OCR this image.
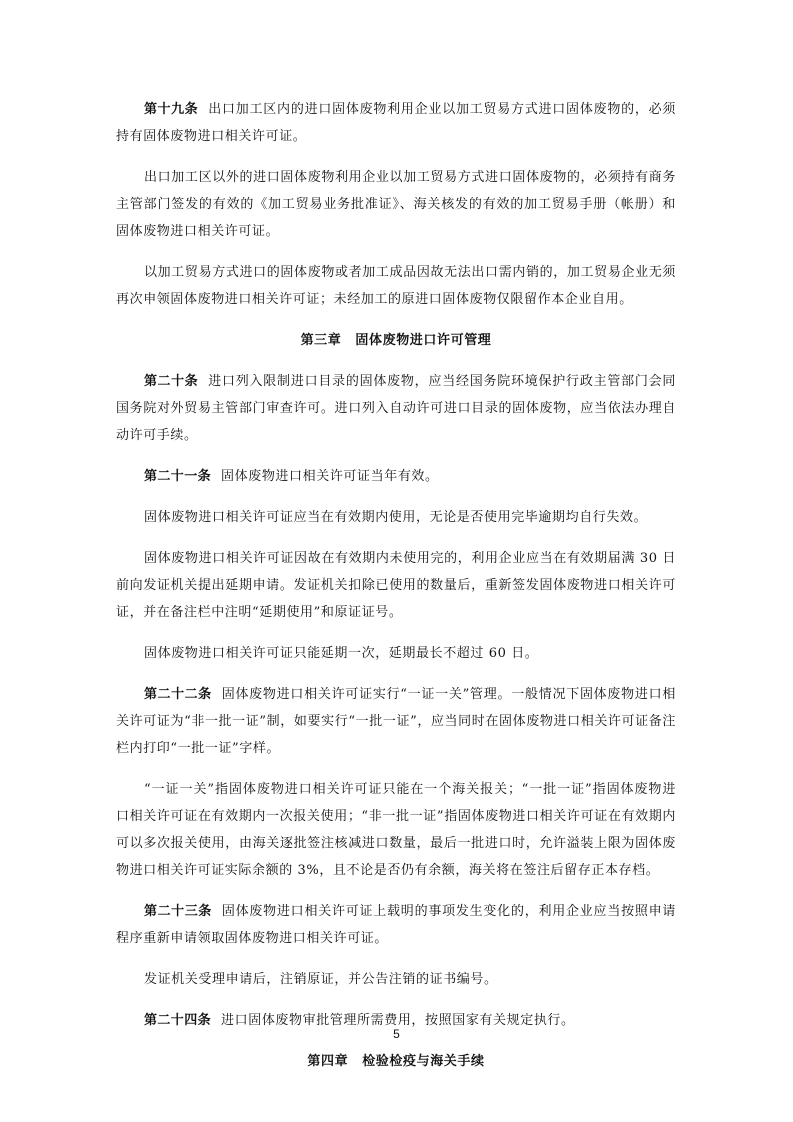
第十九条 出口加工区内的进口固体废物利用企业以加工贸易方式进口固体废物的，必须持有固体废物进口相关许可证。

出口加工区以外的进口固体废物利用企业以加工贸易方式进口固体废物的，必须持有商务主管部门签发的有效的《加工贸易业务批准证》、海关核发的有效的加工贸易手册（帐册）和固体废物进口相关许可证。

以加工贸易方式进口的固体废物或者加工成品因故无法出口需内销的，加工贸易企业无须再次申领固体废物进口相关许可证；未经加工的原进口固体废物仅限留作本企业自用。

第三章 固体废物进口许可管理

第二十条 进口列入限制进口目录的固体废物，应当经国务院环境保护行政主管部门会同国务院对外贸易主管部门审查许可。进口列入自动许可进口目录的固体废物，应当依法办理自动许可手续。

第二十一条 固体废物进口相关许可证当年有效。

固体废物进口相关许可证应当在有效期内使用，无论是否使用完毕逾期均自行失效。

固体废物进口相关许可证因故在有效期内未使用完的，利用企业应当在有效期届满 30 日前向发证机关提出延期申请。发证机关扣除已使用的数量后，重新签发固体废物进口相关许可证，并在备注栏中注明“延期使用”和原证证号。

固体废物进口相关许可证只能延期一次，延期最长不超过 60 日。

第二十二条 固体废物进口相关许可证实行“一证一关”管理。一般情况下固体废物进口相关许可证为“非一批一证”制，如要实行“一批一证”，应当同时在固体废物进口相关许可证备注栏内打印“一批一证”字样。

“一证一关”指固体废物进口相关许可证只能在一个海关报关；“一批一证”指固体废物进口相关许可证在有效期内一次报关使用；“非一批一证”指固体废物进口相关许可证在有效期内可以多次报关使用，由海关逐批签注核减进口数量，最后一批进口时，允许溢装上限为固体废物进口相关许可证实际余额的 3%，且不论是否仍有余额，海关将在签注后留存正本存档。

第二十三条 固体废物进口相关许可证上载明的事项发生变化的，利用企业应当按照申请程序重新申请领取固体废物进口相关许可证。

发证机关受理申请后，注销原证，并公告注销的证书编号。

第二十四条 进口固体废物审批管理所需费用，按照国家有关规定执行。

第四章 检验检疫与海关手续

5
